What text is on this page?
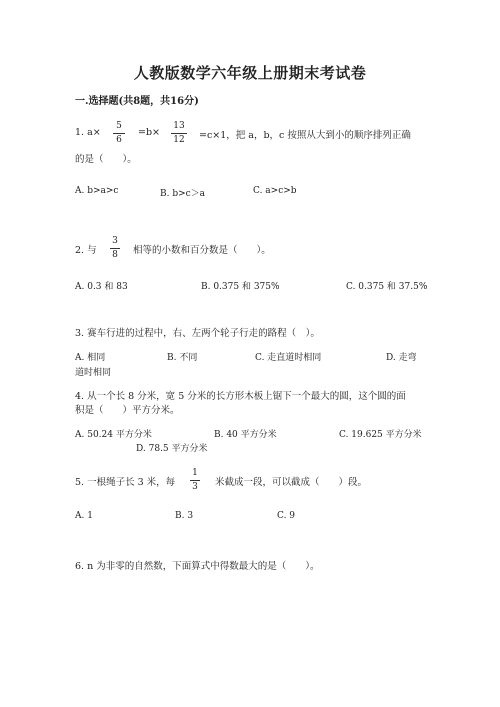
人教版数学六年级上册期末考试卷
一.选择题(共8题，共16分)
1. a×
5
6
=b×
13
12 =c×1，把 a，b，c 按照从大到小的顺序排列正确
的是（　　）。
A. b>a>c	B. b>c＞a	C. a>c>b
2. 与
3
8 相等的小数和百分数是（　　）。
A. 0.3 和 83	B. 0.375 和 375%	C. 0.375 和 37.5%
3. 赛车行进的过程中，右、左两个轮子行走的路程（　）。
A. 相同	B. 不同	C. 走直道时相同	D. 走弯
道时相同
4. 从一个长 8 分米，宽 5 分米的长方形木板上锯下一个最大的圆，这个圆的面
积是（　　）平方分米。
A. 50.24 平方分米	B. 40 平方分米	C. 19.625 平方分米
D. 78.5 平方分米
5. 一根绳子长 3 米，每
1
3 米截成一段，可以截成（　　）段。
A. 1	B. 3	C. 9
6. n 为非零的自然数，下面算式中得数最大的是（　　）。
